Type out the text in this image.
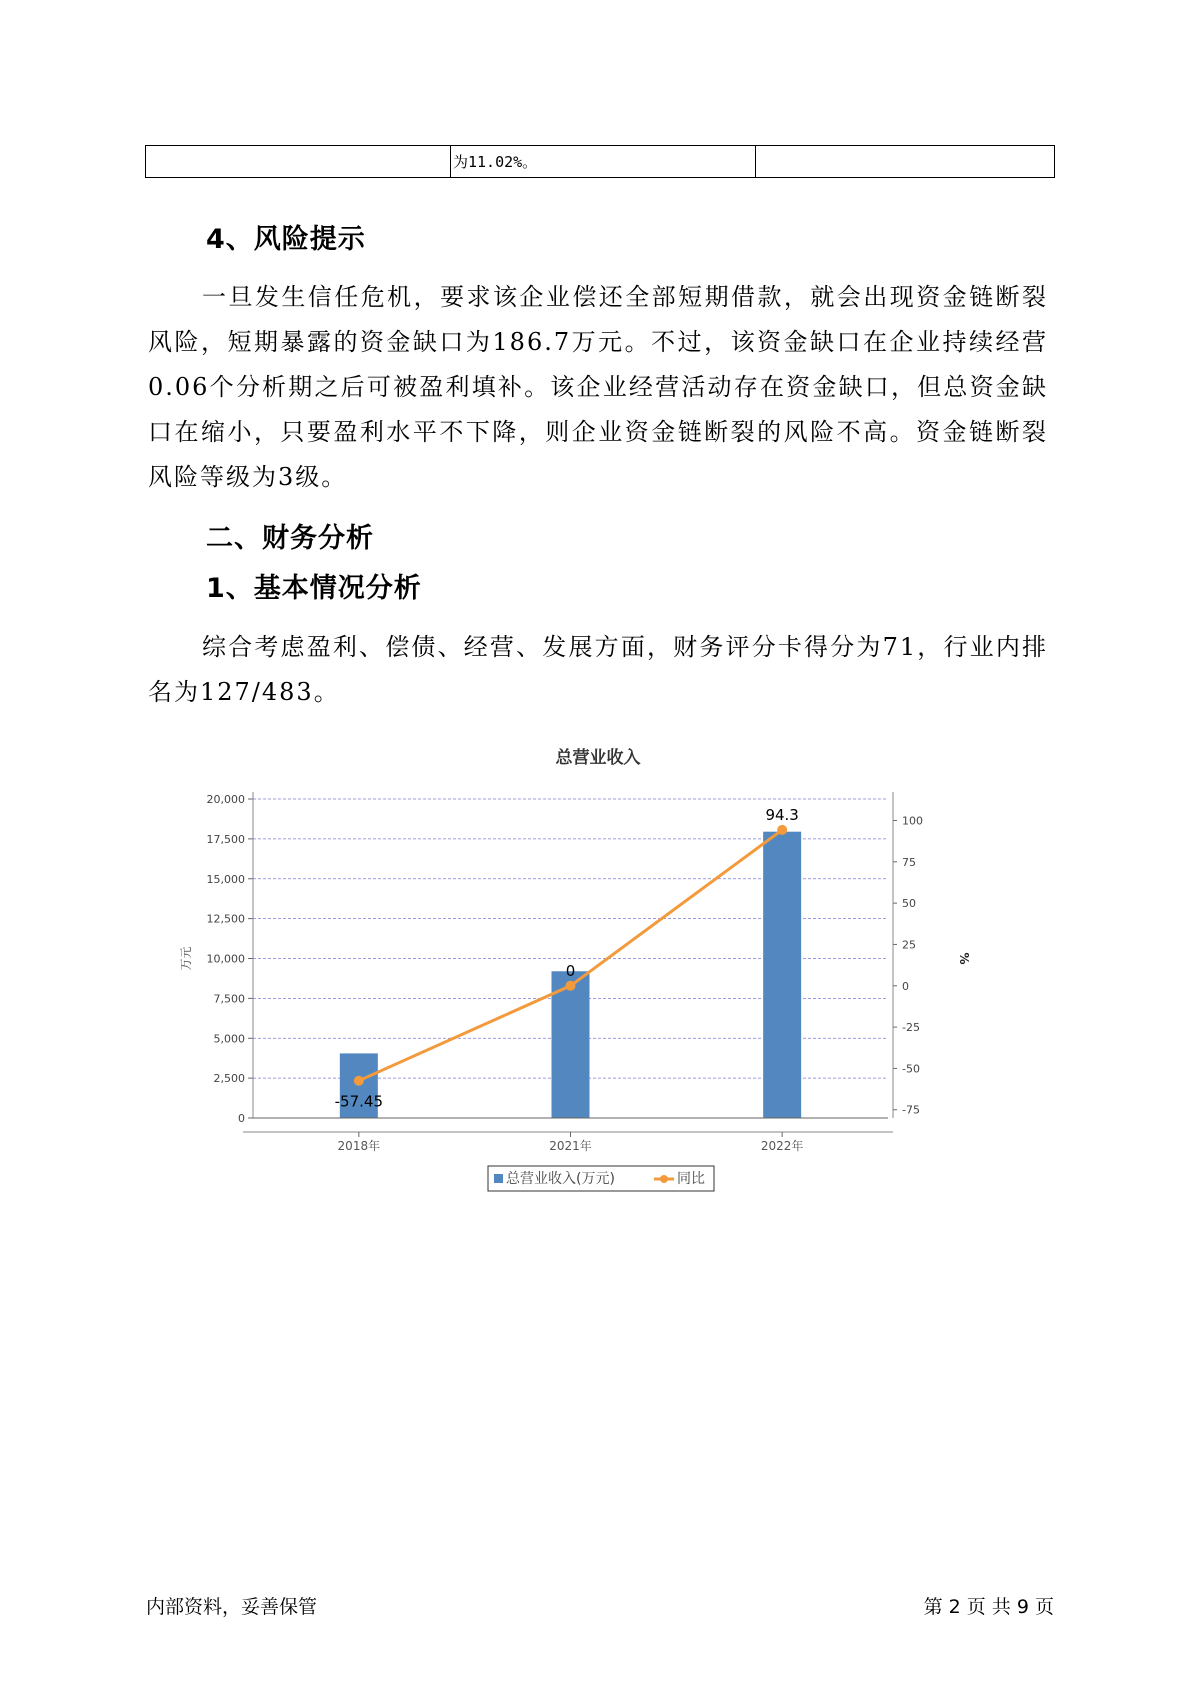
	为11.02%。	
4、风险提示

一旦发生信任危机，要求该企业偿还全部短期借款，就会出现资金链断裂风险，短期暴露的资金缺口为186.7万元。不过，该资金缺口在企业持续经营 0.06个分析期之后可被盈利填补。该企业经营活动存在资金缺口，但总资金缺口在缩小，只要盈利水平不下降，则企业资金链断裂的风险不高。资金链断裂风险等级为3级。

二、财务分析
1、基本情况分析

综合考虑盈利、偿债、经营、发展方面，财务评分卡得分为71，行业内排名为127/483。

总营业收入
0
2,500
5,000
7,500
10,000
12,500
15,000
17,500
20,000
-75
-50
-25
0
25
50
75
100
万元	%
2018年	2021年	2022年
-57.45
0
94.3
总营业收入(万元)	同比
内部资料，妥善保管	第 2 页 共 9 页
